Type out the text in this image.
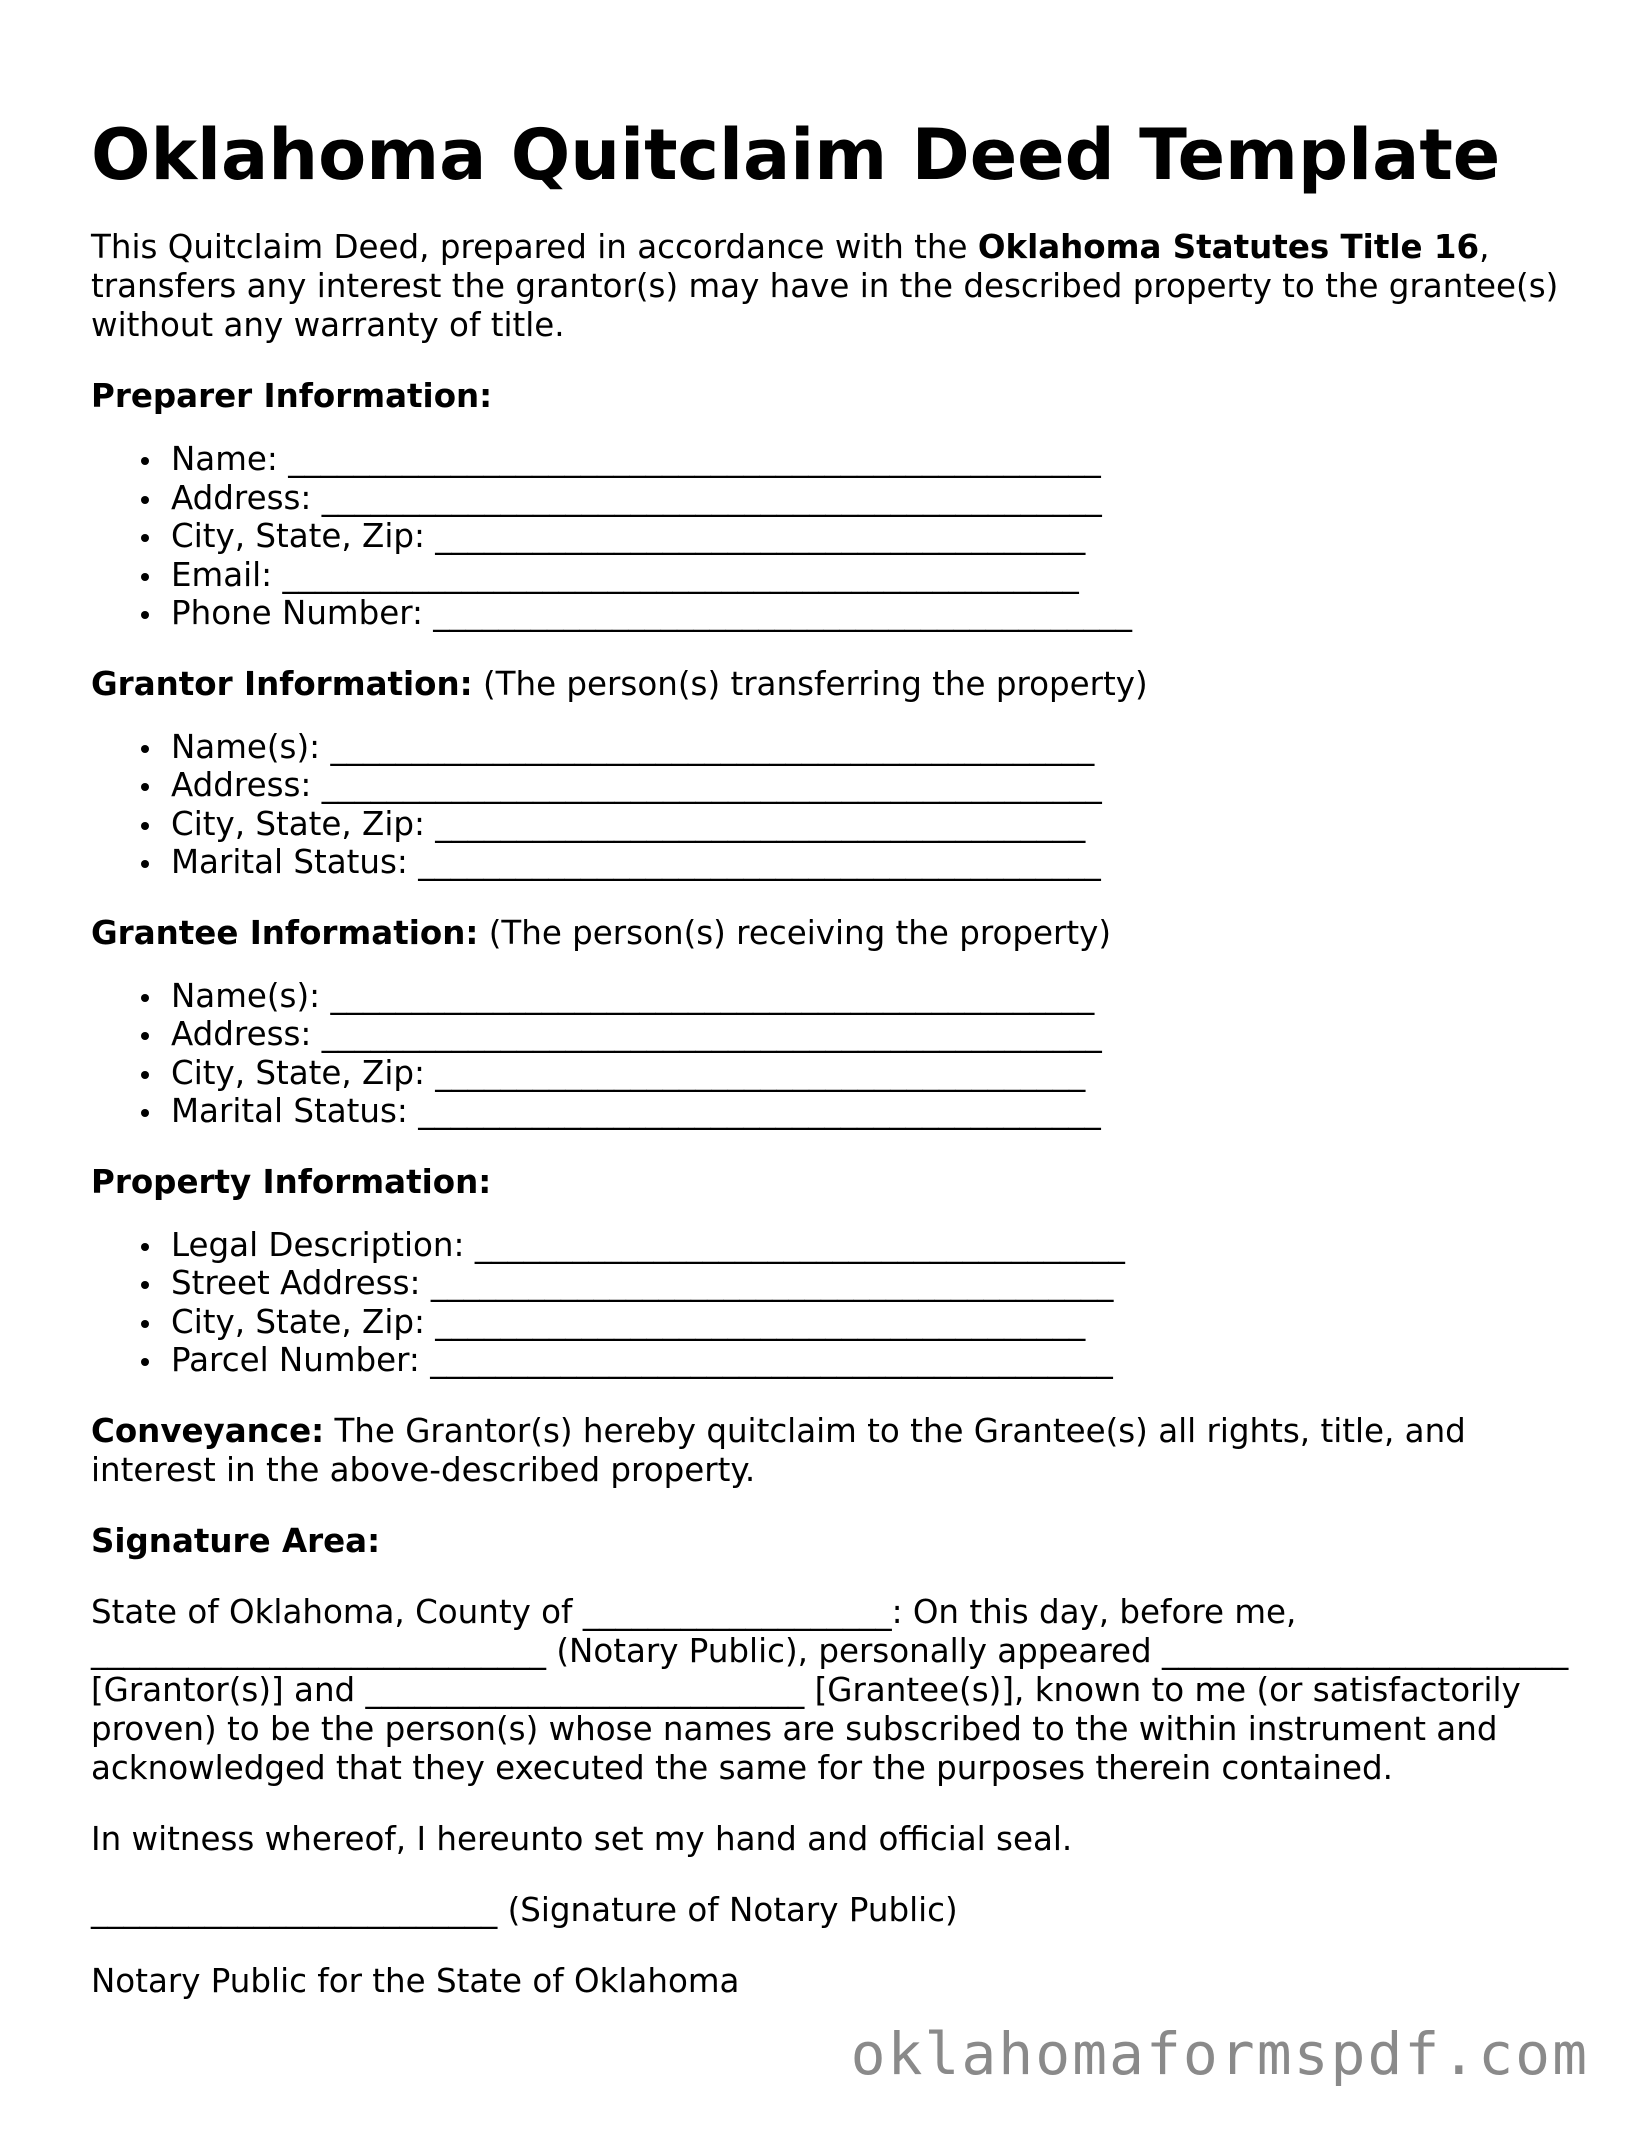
Oklahoma Quitclaim Deed Template

This Quitclaim Deed, prepared in accordance with the Oklahoma Statutes Title 16, transfers any interest the grantor(s) may have in the described property to the grantee(s) without any warranty of title.

Preparer Information:

Name: __________________________________________________
Address: ________________________________________________
City, State, Zip: ________________________________________
Email: _________________________________________________
Phone Number: ___________________________________________

Grantor Information: (The person(s) transferring the property)

Name(s): _______________________________________________
Address: ________________________________________________
City, State, Zip: ________________________________________
Marital Status: __________________________________________

Grantee Information: (The person(s) receiving the property)

Name(s): _______________________________________________
Address: ________________________________________________
City, State, Zip: ________________________________________
Marital Status: __________________________________________

Property Information:

Legal Description: ________________________________________
Street Address: __________________________________________
City, State, Zip: ________________________________________
Parcel Number: __________________________________________

Conveyance: The Grantor(s) hereby quitclaim to the Grantee(s) all rights, title, and interest in the above-described property.

Signature Area:

State of Oklahoma, County of ___________________: On this day, before me,
____________________________ (Notary Public), personally appeared _________________________
[Grantor(s)] and ___________________________ [Grantee(s)], known to me (or satisfactorily
proven) to be the person(s) whose names are subscribed to the within instrument and
acknowledged that they executed the same for the purposes therein contained.

In witness whereof, I hereunto set my hand and official seal.

_________________________ (Signature of Notary Public)

Notary Public for the State of Oklahoma

oklahomaformspdf.com
